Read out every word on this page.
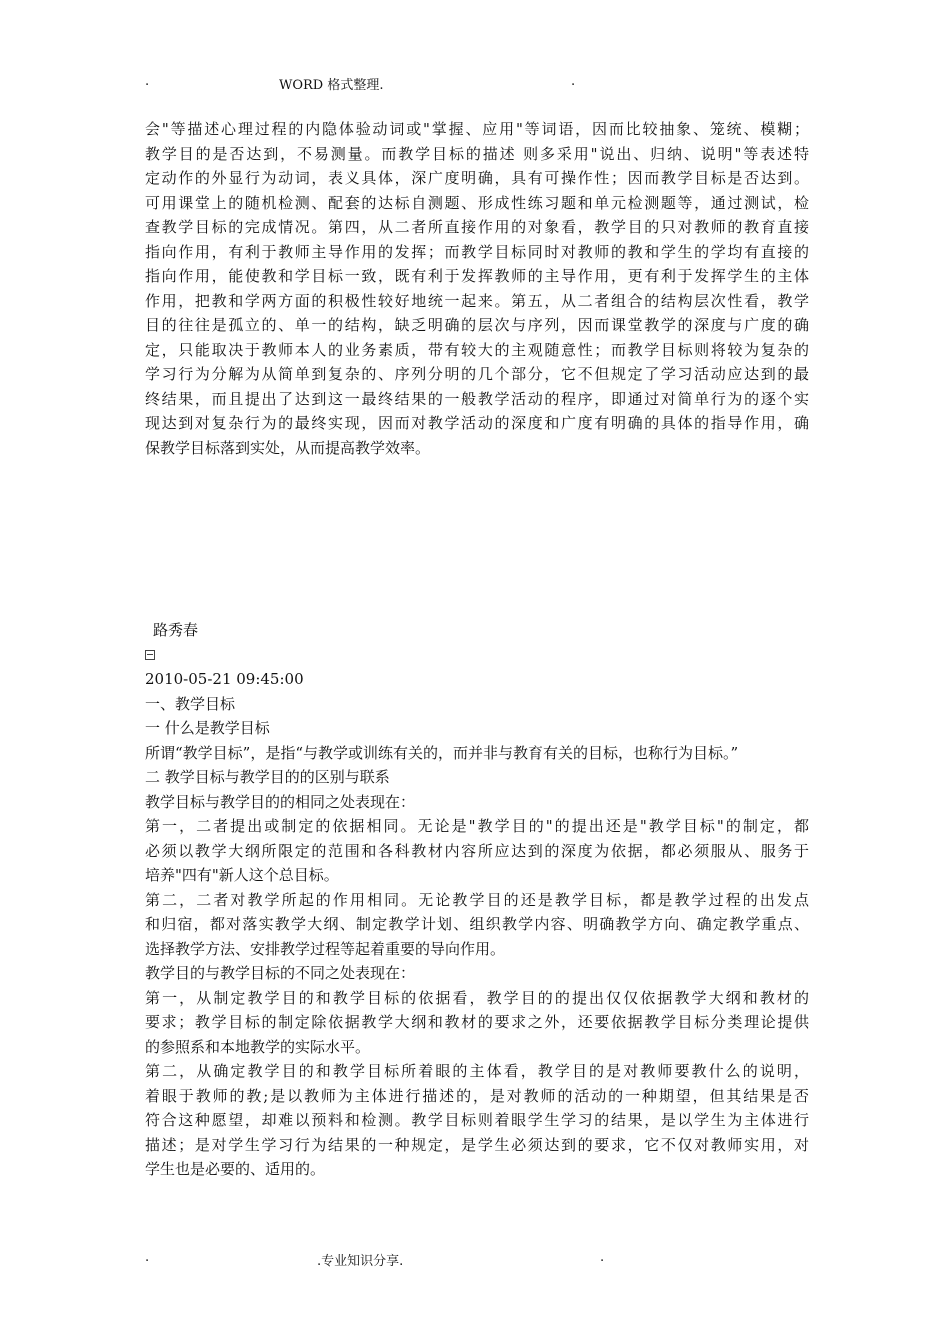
.	WORD 格式整理.	.
会"等描述心理过程的内隐体验动词或"掌握、应用"等词语，因而比较抽象、笼统、模糊；
教学目的是否达到，不易测量。而教学目标的描述 则多采用"说出、归纳、说明"等表述特
定动作的外显行为动词，表义具体，深广度明确，具有可操作性；因而教学目标是否达到。
可用课堂上的随机检测、配套的达标自测题、形成性练习题和单元检测题等，通过测试，检
查教学目标的完成情况。第四，从二者所直接作用的对象看，教学目的只对教师的教育直接
指向作用，有利于教师主导作用的发挥；而教学目标同时对教师的教和学生的学均有直接的
指向作用，能使教和学目标一致，既有利于发挥教师的主导作用，更有利于发挥学生的主体
作用，把教和学两方面的积极性较好地统一起来。第五，从二者组合的结构层次性看，教学
目的往往是孤立的、单一的结构，缺乏明确的层次与序列，因而课堂教学的深度与广度的确
定，只能取决于教师本人的业务素质，带有较大的主观随意性；而教学目标则将较为复杂的
学习行为分解为从简单到复杂的、序列分明的几个部分，它不但规定了学习活动应达到的最
终结果，而且提出了达到这一最终结果的一般教学活动的程序，即通过对简单行为的逐个实
现达到对复杂行为的最终实现，因而对教学活动的深度和广度有明确的具体的指导作用，确
保教学目标落到实处，从而提高教学效率。
路秀春
2010-05-21 09:45:00
一、教学目标
一 什么是教学目标
所谓“教学目标”，是指“与教学或训练有关的，而并非与教育有关的目标，也称行为目标。”
二 教学目标与教学目的的区别与联系
教学目标与教学目的的相同之处表现在：
第一，二者提出或制定的依据相同。无论是"教学目的"的提出还是"教学目标"的制定，都
必须以教学大纲所限定的范围和各科教材内容所应达到的深度为依据，都必须服从、服务于
培养"四有"新人这个总目标。
第二，二者对教学所起的作用相同。无论教学目的还是教学目标，都是教学过程的出发点
和归宿，都对落实教学大纲、制定教学计划、组织教学内容、明确教学方向、确定教学重点、
选择教学方法、安排教学过程等起着重要的导向作用。
教学目的与教学目标的不同之处表现在：
第一，从制定教学目的和教学目标的依据看，教学目的的提出仅仅依据教学大纲和教材的
要求；教学目标的制定除依据教学大纲和教材的要求之外，还要依据教学目标分类理论提供
的参照系和本地教学的实际水平。
第二，从确定教学目的和教学目标所着眼的主体看，教学目的是对教师要教什么的说明，
着眼于教师的教;是以教师为主体进行描述的，是对教师的活动的一种期望，但其结果是否
符合这种愿望，却难以预料和检测。教学目标则着眼学生学习的结果，是以学生为主体进行
描述；是对学生学习行为结果的一种规定，是学生必须达到的要求，它不仅对教师实用，对
学生也是必要的、适用的。
.	.专业知识分享.	.
